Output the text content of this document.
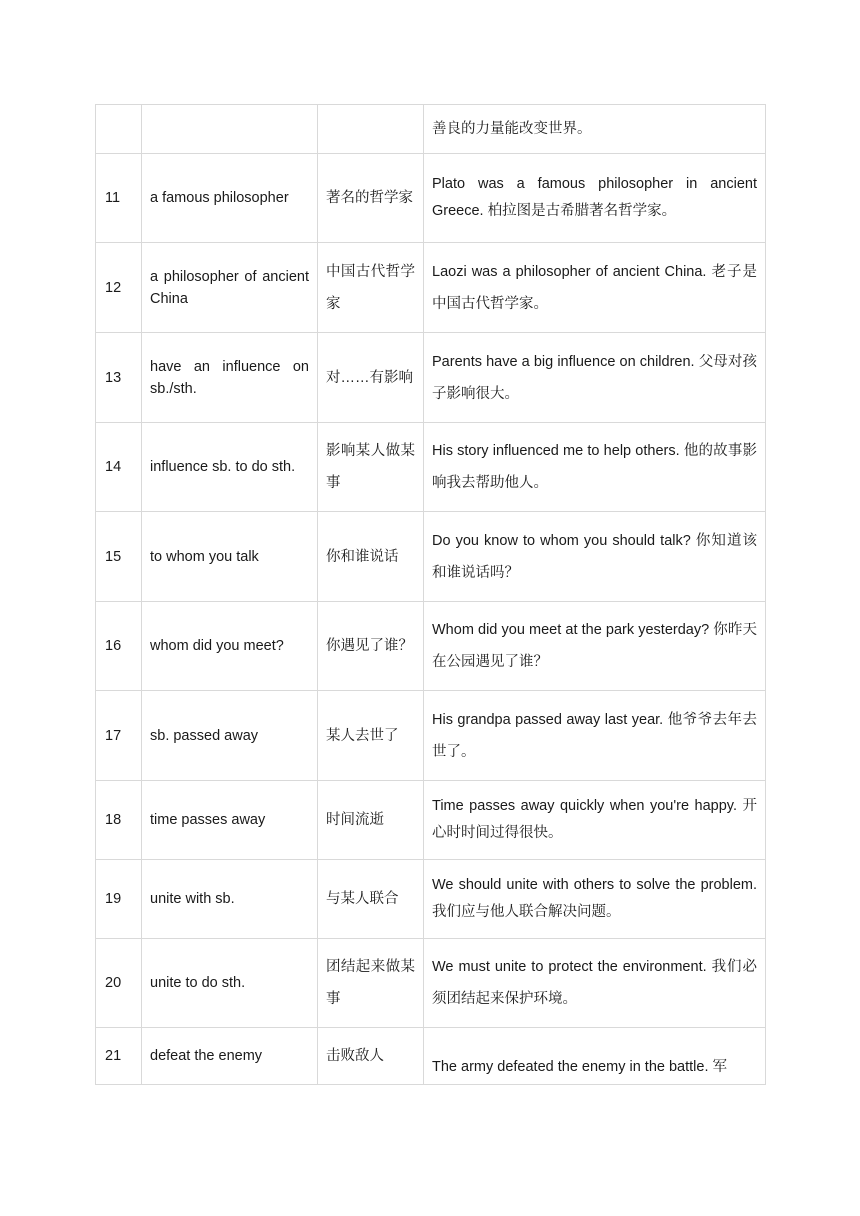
			善良的力量能改变世界。
11	a famous philosopher	著名的哲学家	Plato was a famous philosopher in ancient Greece. 柏拉图是古希腊著名哲学家。
12	a philosopher of ancient China	中国古代哲学家	Laozi was a philosopher of ancient China. 老子是中国古代哲学家。
13	have an influence on sb./sth.	对……有影响	Parents have a big influence on children. 父母对孩子影响很大。
14	influence sb. to do sth.	影响某人做某事	His story influenced me to help others. 他的故事影响我去帮助他人。
15	to whom you talk	你和谁说话	Do you know to whom you should talk? 你知道该和谁说话吗？
16	whom did you meet?	你遇见了谁？	Whom did you meet at the park yesterday? 你昨天在公园遇见了谁？
17	sb. passed away	某人去世了	His grandpa passed away last year. 他爷爷去年去世了。
18	time passes away	时间流逝	Time passes away quickly when you're happy. 开心时时间过得很快。
19	unite with sb.	与某人联合	We should unite with others to solve the problem. 我们应与他人联合解决问题。
20	unite to do sth.	团结起来做某事	We must unite to protect the environment. 我们必须团结起来保护环境。
21	defeat the enemy	击败敌人	The army defeated the enemy in the battle. 军
